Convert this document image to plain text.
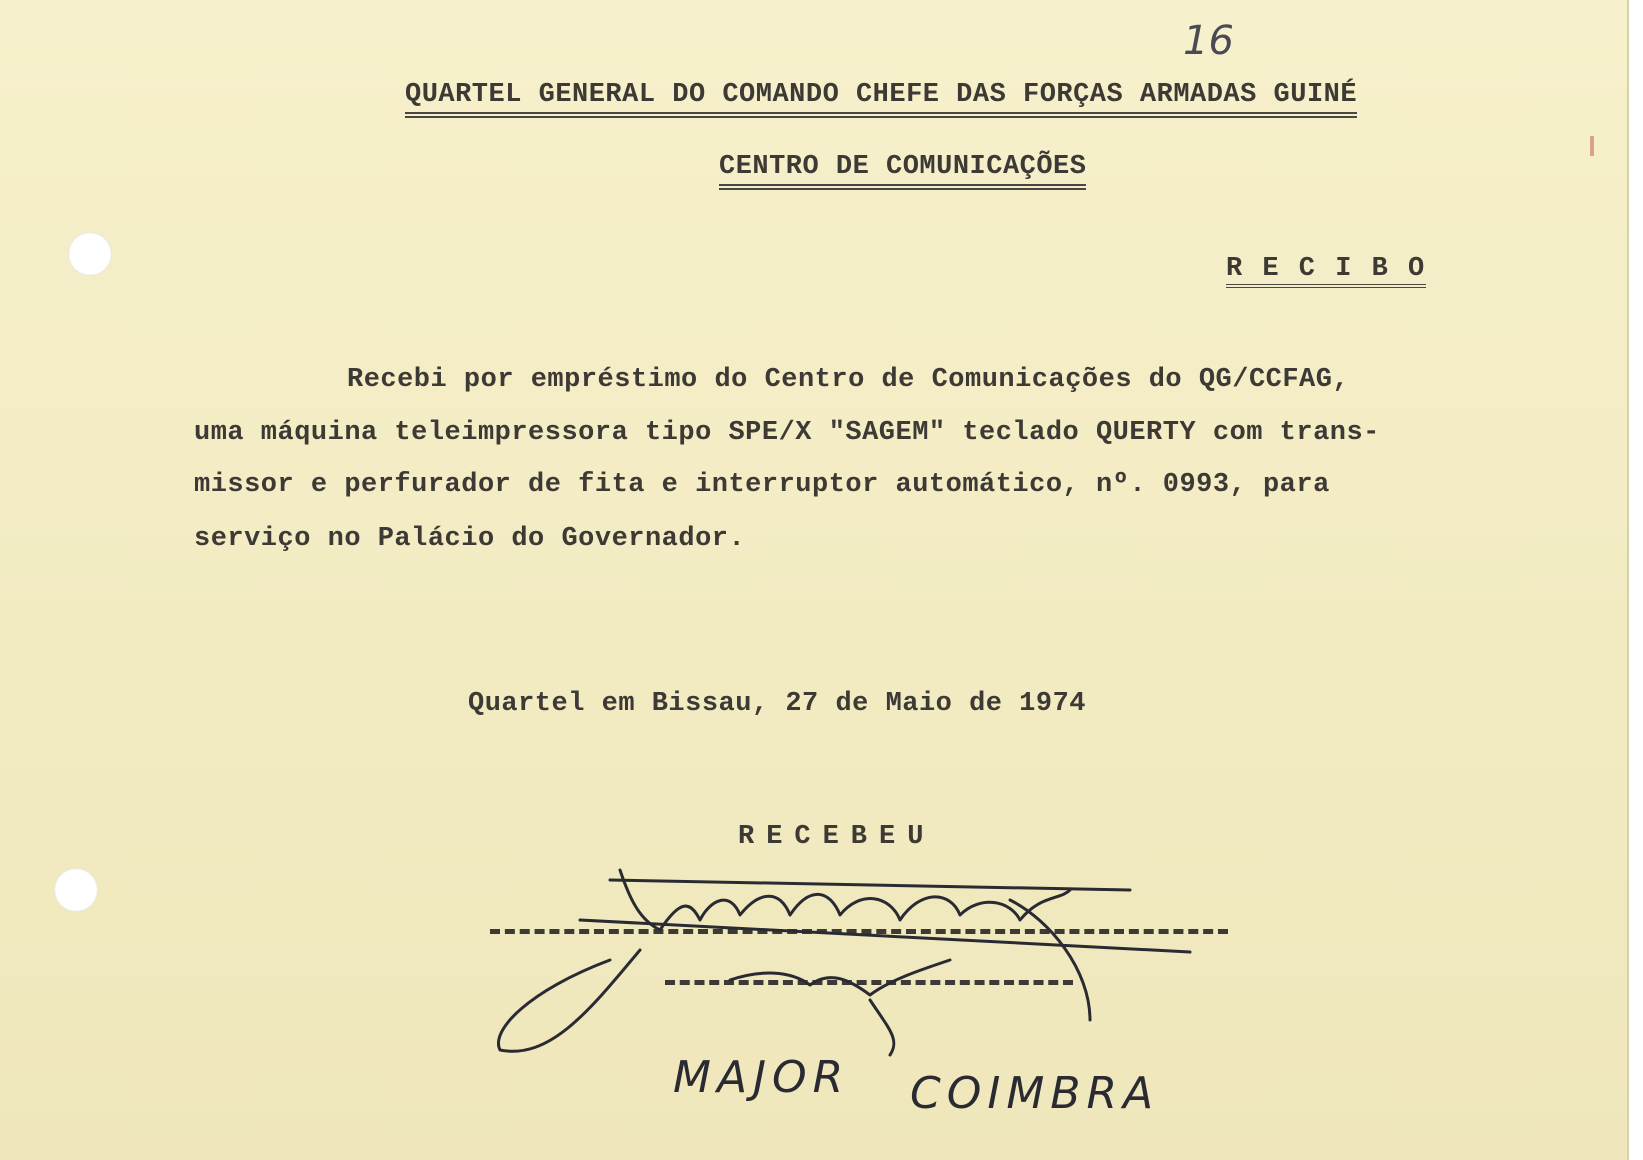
16
QUARTEL GENERAL DO COMANDO CHEFE DAS FORÇAS ARMADAS GUINÉ
CENTRO DE COMUNICAÇÕES
R E C I B O
Recebi por empréstimo do Centro de Comunicações do QG/CCFAG,
uma máquina teleimpressora tipo SPE/X "SAGEM" teclado QUERTY com trans-
missor e perfurador de fita e interruptor automático, nº. 0993, para
serviço no Palácio do Governador.
Quartel em Bissau, 27 de Maio de 1974
RECEBEU
MAJOR COIMBRA
